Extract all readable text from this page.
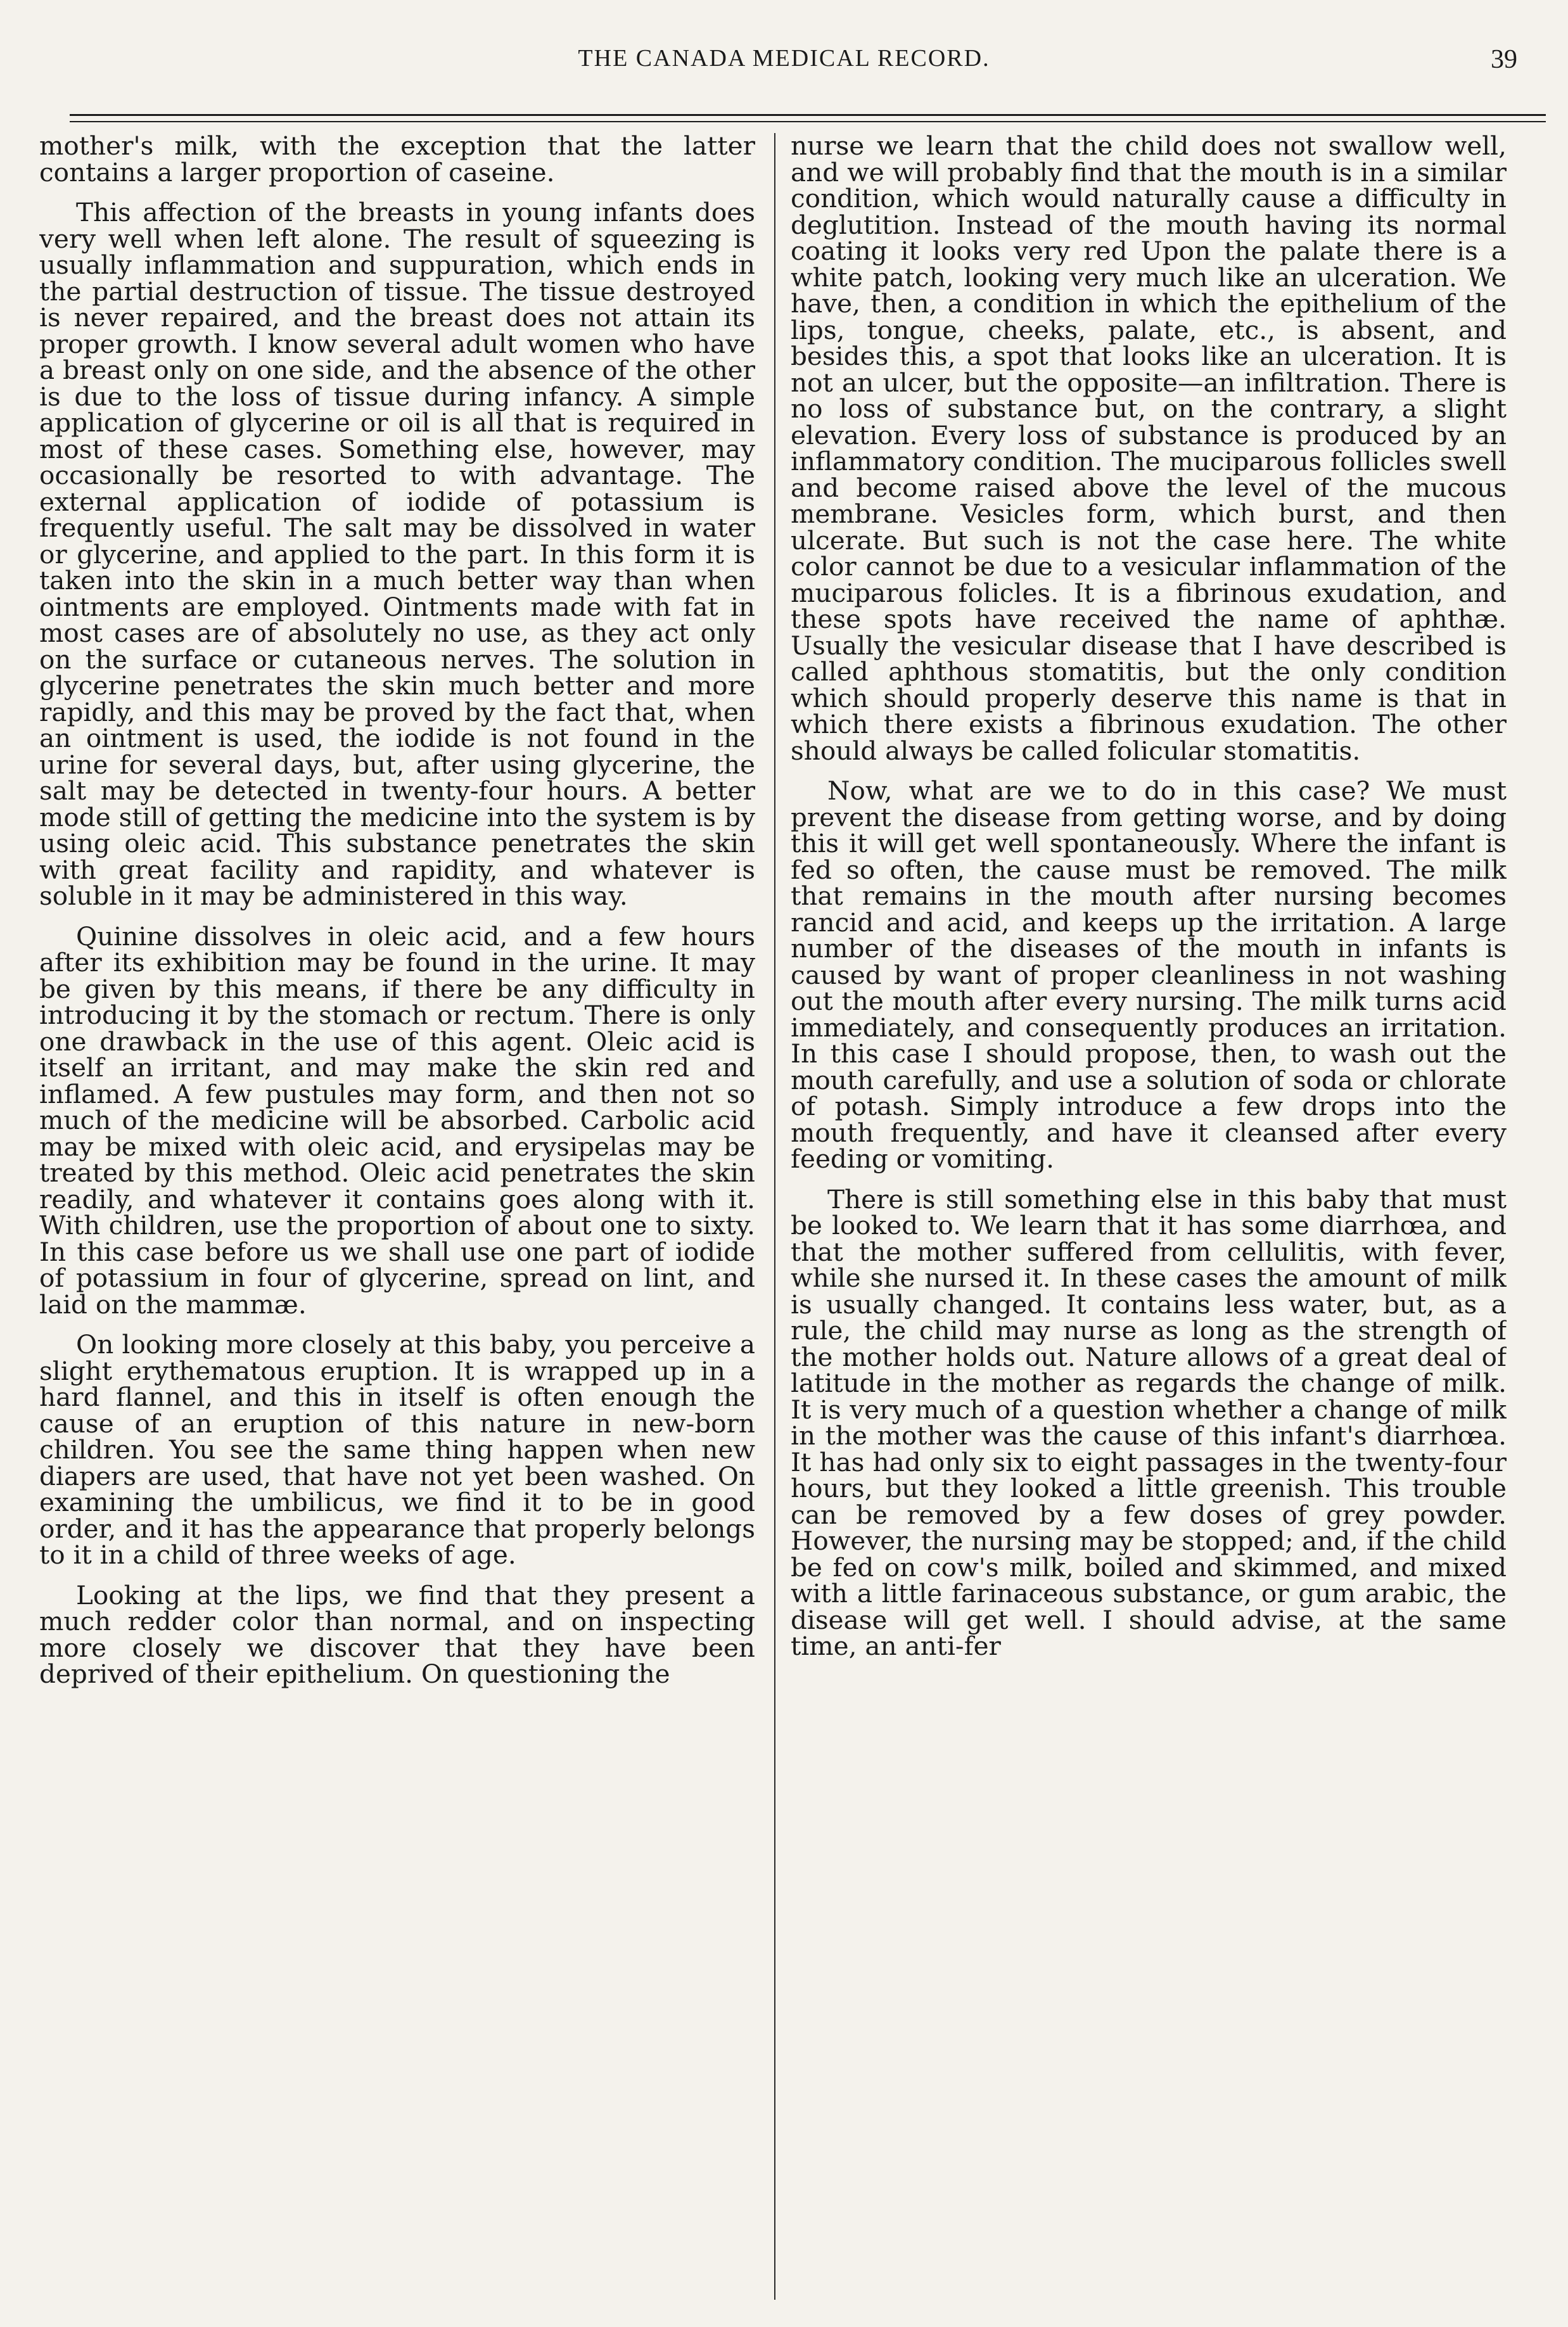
THE CANADA MEDICAL RECORD.	39

mother's milk, with the exception that the latter contains a larger proportion of caseine.

This affection of the breasts in young infants does very well when left alone. The result of squeezing is usually inflammation and suppuration, which ends in the partial destruction of tissue. The tissue destroyed is never repaired, and the breast does not attain its proper growth. I know several adult women who have a breast only on one side, and the absence of the other is due to the loss of tissue during infancy. A simple application of glycerine or oil is all that is required in most of these cases. Something else, however, may occasionally be resorted to with advantage. The external application of iodide of potassium is frequently useful. The salt may be dissolved in water or glycerine, and applied to the part. In this form it is taken into the skin in a much better way than when ointments are employed. Ointments made with fat in most cases are of absolutely no use, as they act only on the surface or cutaneous nerves. The solution in glycerine penetrates the skin much better and more rapidly, and this may be proved by the fact that, when an ointment is used, the iodide is not found in the urine for several days, but, after using glycerine, the salt may be detected in twenty-four hours. A better mode still of getting the medicine into the system is by using oleic acid. This substance penetrates the skin with great facility and rapidity, and whatever is soluble in it may be administered in this way.

Quinine dissolves in oleic acid, and a few hours after its exhibition may be found in the urine. It may be given by this means, if there be any difficulty in introducing it by the stomach or rectum. There is only one drawback in the use of this agent. Oleic acid is itself an irritant, and may make the skin red and inflamed. A few pustules may form, and then not so much of the medicine will be absorbed. Carbolic acid may be mixed with oleic acid, and erysipelas may be treated by this method. Oleic acid penetrates the skin readily, and whatever it contains goes along with it. With children, use the proportion of about one to sixty. In this case before us we shall use one part of iodide of potassium in four of glycerine, spread on lint, and laid on the mammæ.

On looking more closely at this baby, you perceive a slight erythematous eruption. It is wrapped up in a hard flannel, and this in itself is often enough the cause of an eruption of this nature in new-born children. You see the same thing happen when new diapers are used, that have not yet been washed. On examining the umbilicus, we find it to be in good order, and it has the appearance that properly belongs to it in a child of three weeks of age.

Looking at the lips, we find that they present a much redder color than normal, and on inspecting more closely we discover that they have been deprived of their epithelium. On questioning the

nurse we learn that the child does not swallow well, and we will probably find that the mouth is in a similar condition, which would naturally cause a difficulty in deglutition. Instead of the mouth having its normal coating it looks very red Upon the palate there is a white patch, looking very much like an ulceration. We have, then, a condition in which the epithelium of the lips, tongue, cheeks, palate, etc., is absent, and besides this, a spot that looks like an ulceration. It is not an ulcer, but the opposite—an infiltration. There is no loss of substance but, on the contrary, a slight elevation. Every loss of substance is produced by an inflammatory condition. The muciparous follicles swell and become raised above the level of the mucous membrane. Vesicles form, which burst, and then ulcerate. But such is not the case here. The white color cannot be due to a vesicular inflammation of the muciparous folicles. It is a fibrinous exudation, and these spots have received the name of aphthæ. Usually the vesicular disease that I have described is called aphthous stomatitis, but the only condition which should properly deserve this name is that in which there exists a fibrinous exudation. The other should always be called folicular stomatitis.

Now, what are we to do in this case? We must prevent the disease from getting worse, and by doing this it will get well spontaneously. Where the infant is fed so often, the cause must be removed. The milk that remains in the mouth after nursing becomes rancid and acid, and keeps up the irritation. A large number of the diseases of the mouth in infants is caused by want of proper cleanliness in not washing out the mouth after every nursing. The milk turns acid immediately, and consequently produces an irritation. In this case I should propose, then, to wash out the mouth carefully, and use a solution of soda or chlorate of potash. Simply introduce a few drops into the mouth frequently, and have it cleansed after every feeding or vomiting.

There is still something else in this baby that must be looked to. We learn that it has some diarrhœa, and that the mother suffered from cellulitis, with fever, while she nursed it. In these cases the amount of milk is usually changed. It contains less water, but, as a rule, the child may nurse as long as the strength of the mother holds out. Nature allows of a great deal of latitude in the mother as regards the change of milk. It is very much of a question whether a change of milk in the mother was the cause of this infant's diarrhœa. It has had only six to eight passages in the twenty-four hours, but they looked a little greenish. This trouble can be removed by a few doses of grey powder. However, the nursing may be stopped; and, if the child be fed on cow's milk, boiled and skimmed, and mixed with a little farinaceous substance, or gum arabic, the disease will get well. I should advise, at the same time, an anti-fer
